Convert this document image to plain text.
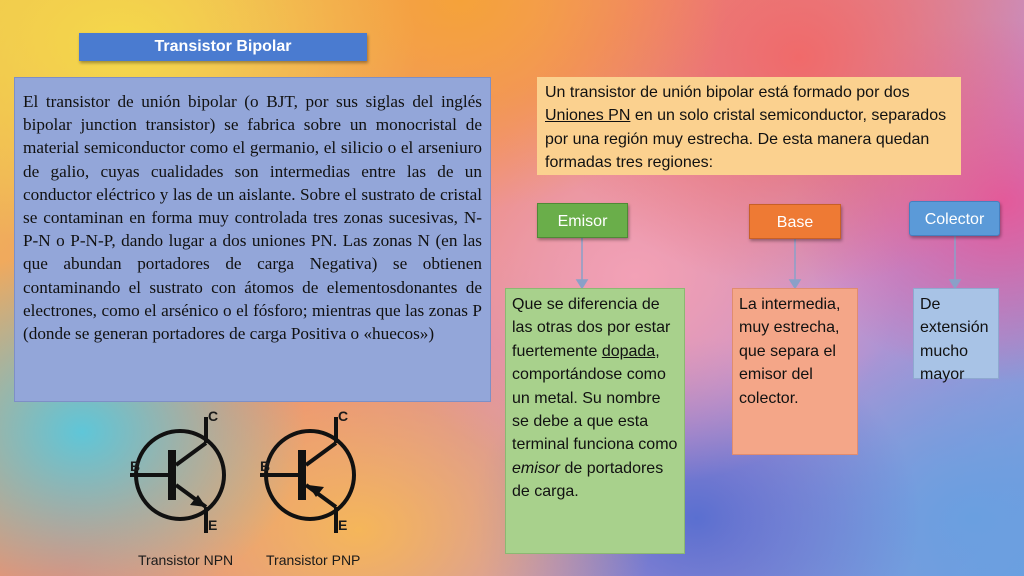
Transistor Bipolar
El transistor de unión bipolar (o BJT, por sus siglas del inglés bipolar junction transistor) se fabrica sobre un monocristal de material semiconductor como el germanio, el silicio o el arseniuro de galio, cuyas cualidades son intermedias entre las de un conductor eléctrico y las de un aislante. Sobre el sustrato de cristal se contaminan en forma muy controlada tres zonas sucesivas, N-P-N o P-N-P, dando lugar a dos uniones PN. Las zonas N (en las que abundan portadores de carga Negativa) se obtienen contaminando el sustrato con átomos de elementosdonantes de electrones, como el arsénico o el fósforo; mientras que las zonas P (donde se generan portadores de carga Positiva o «huecos»)
Un transistor de unión bipolar está formado por dos Uniones PN en un solo cristal semiconductor, separados por una región muy estrecha. De esta manera quedan formadas tres regiones:
Emisor	Base	Colector
Que se diferencia de las otras dos por estar fuertemente dopada, comportándose como un metal. Su nombre se debe a que esta terminal funciona como emisor de portadores de carga.
La intermedia, muy estrecha, que separa el emisor del colector.
De extensión mucho mayor
C
B
E
C
B
E
Transistor NPN Transistor PNP
